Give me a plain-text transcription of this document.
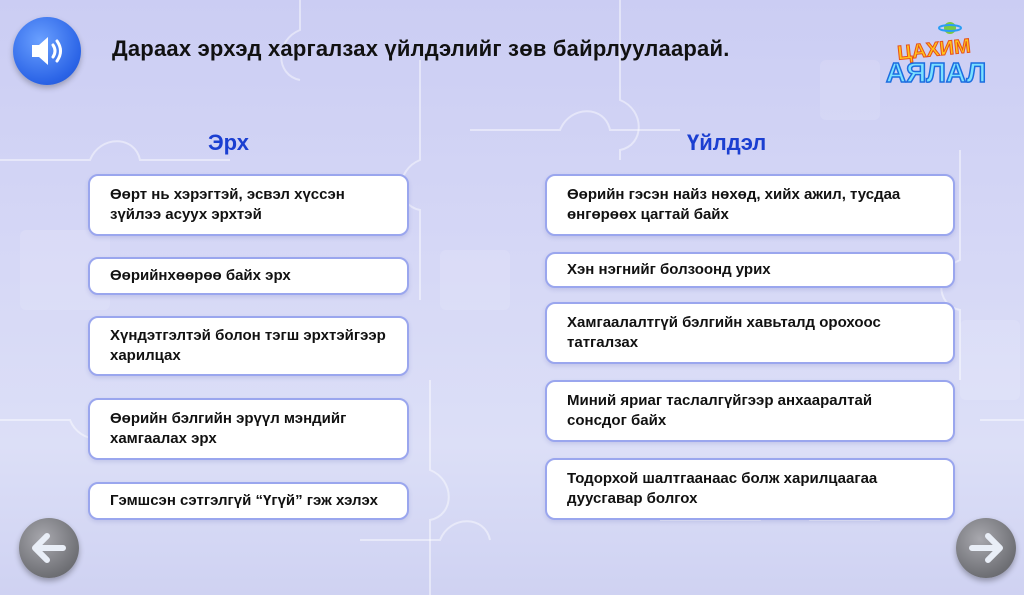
Дараах эрхэд харгалзах үйлдэлийг зөв байрлуулаарай.	ЦАХИМ
АЯЛАЛ
Эрх	Үйлдэл
Өөрт нь хэрэгтэй, эсвэл хүссэн зүйлээ асуух эрхтэй
Өөрийнхөөрөө байх эрх
Хүндэтгэлтэй болон тэгш эрхтэйгээр харилцах
Өөрийн бэлгийн эрүүл мэндийг хамгаалах эрх
Гэмшсэн сэтгэлгүй “Үгүй” гэж хэлэх
Өөрийн гэсэн найз нөхөд, хийх ажил, тусдаа өнгөрөөх цагтай байх
Хэн нэгнийг болзоонд урих
Хамгаалалтгүй бэлгийн хавьталд орохоос татгалзах
Миний яриаг таслалгүйгээр анхааралтай сонсдог байх
Тодорхой шалтгаанаас болж харилцаагаа дуусгавар болгох
